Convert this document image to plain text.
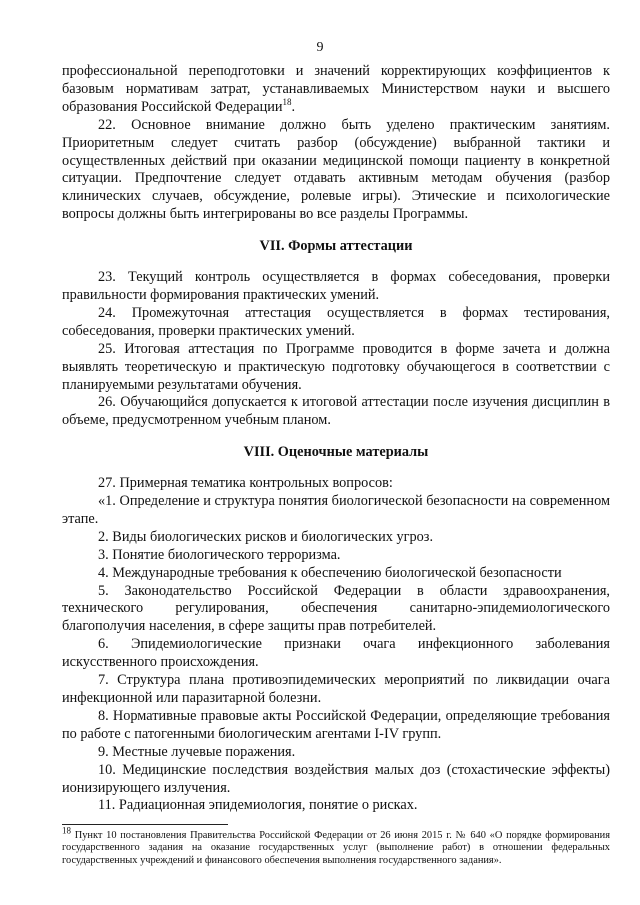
9

профессиональной переподготовки и значений корректирующих коэффициентов к базовым нормативам затрат, устанавливаемых Министерством науки и высшего образования Российской Федерации$^{18}$.

22. Основное внимание должно быть уделено практическим занятиям. Приоритетным следует считать разбор (обсуждение) выбранной тактики и осуществленных действий при оказании медицинской помощи пациенту в конкретной ситуации. Предпочтение следует отдавать активным методам обучения (разбор клинических случаев, обсуждение, ролевые игры). Этические и психологические вопросы должны быть интегрированы во все разделы Программы.

VII. Формы аттестации

23. Текущий контроль осуществляется в формах собеседования, проверки правильности формирования практических умений.

24. Промежуточная аттестация осуществляется в формах тестирования, собеседования, проверки практических умений.

25. Итоговая аттестация по Программе проводится в форме зачета и должна выявлять теоретическую и практическую подготовку обучающегося в соответствии с планируемыми результатами обучения.

26. Обучающийся допускается к итоговой аттестации после изучения дисциплин в объеме, предусмотренном учебным планом.

VIII. Оценочные материалы

27. Примерная тематика контрольных вопросов:

«1. Определение и структура понятия биологической безопасности на современном этапе.

2. Виды биологических рисков и биологических угроз.

3. Понятие биологического терроризма.

4. Международные требования к обеспечению биологической безопасности

5. Законодательство Российской Федерации в области здравоохранения, технического регулирования, обеспечения санитарно-эпидемиологического благополучия населения, в сфере защиты прав потребителей.

6. Эпидемиологические признаки очага инфекционного заболевания искусственного происхождения.

7. Структура плана противоэпидемических мероприятий по ликвидации очага инфекционной или паразитарной болезни.

8. Нормативные правовые акты Российской Федерации, определяющие требования по работе с патогенными биологическим агентами I-IV групп.

9. Местные лучевые поражения.

10. Медицинские последствия воздействия малых доз (стохастические эффекты) ионизирующего излучения.

11. Радиационная эпидемиология, понятие о рисках.

$^{18}$ Пункт 10 постановления Правительства Российской Федерации от 26 июня 2015 г. № 640 «О порядке формирования государственного задания на оказание государственных услуг (выполнение работ) в отношении федеральных государственных учреждений и финансового обеспечения выполнения государственного задания».
